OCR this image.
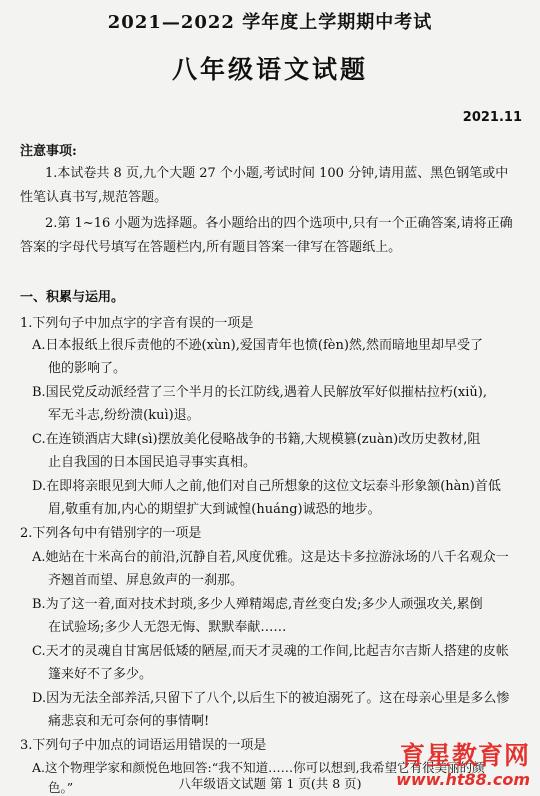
2021—2022 学年度上学期期中考试
八年级语文试题
2021.11
注意事项:
1.本试卷共 8 页,九个大题 27 个小题,考试时间 100 分钟,请用蓝、黑色钢笔或中
性笔认真书写,规范答题。
2.第 1~16 小题为选择题。各小题给出的四个选项中,只有一个正确答案,请将正确
答案的字母代号填写在答题栏内,所有题目答案一律写在答题纸上。
一、积累与运用。
1.下列句子中加点字的字音有误的一项是
A.日本报纸上很斥责他的不逊(xùn),爱国青年也愤(fèn)然,然而暗地里却早受了
他的影响了。
B.国民党反动派经营了三个半月的长江防线,遇着人民解放军好似摧枯拉朽(xiǔ),
军无斗志,纷纷溃(kuì)退。
C.在连锁酒店大肆(sì)摆放美化侵略战争的书籍,大规模篡(zuàn)改历史教材,阻
止自我国的日本国民追寻事实真相。
D.在即将亲眼见到大师人之前,他们对自己所想象的这位文坛泰斗形象颔(hàn)首低
眉,敬重有加,内心的期望扩大到诚惶(huáng)诚恐的地步。
2.下列各句中有错别字的一项是
A.她站在十米高台的前沿,沉静自若,风度优雅。这是达卡多拉游泳场的八千名观众一
齐翘首而望、屏息敛声的一刹那。
B.为了这一着,面对技术封琐,多少人殚精竭虑,青丝变白发;多少人顽强攻关,累倒
在试验场;多少人无怨无悔、默默奉献……
C.天才的灵魂自甘寓居低矮的陋屋,而天才灵魂的工作间,比起吉尔吉斯人搭建的皮帐
篷来好不了多少。
D.因为无法全部养活,只留下了八个,以后生下的被迫溺死了。这在母亲心里是多么惨
痛悲哀和无可奈何的事情啊!
3.下列句子中加点的词语运用错误的一项是
A.这个物理学家和颜悦色地回答:“我不知道……你可以想到,我希望它有很美丽的颜
色。”	八年级语文试题 第 1 页(共 8 页)
育星教育网
www.ht88.com
